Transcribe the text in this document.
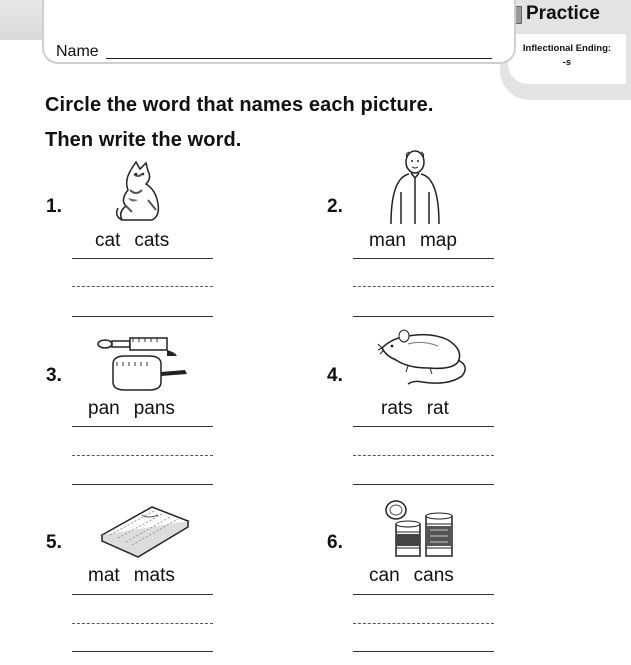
Practice
Inflectional Ending:
-s
Name
Circle the word that names each picture.
Then write the word.
1.
cat cats
2.
man map
3.
pan pans
4.
rats rat
5.
mat mats
6.
can cans
